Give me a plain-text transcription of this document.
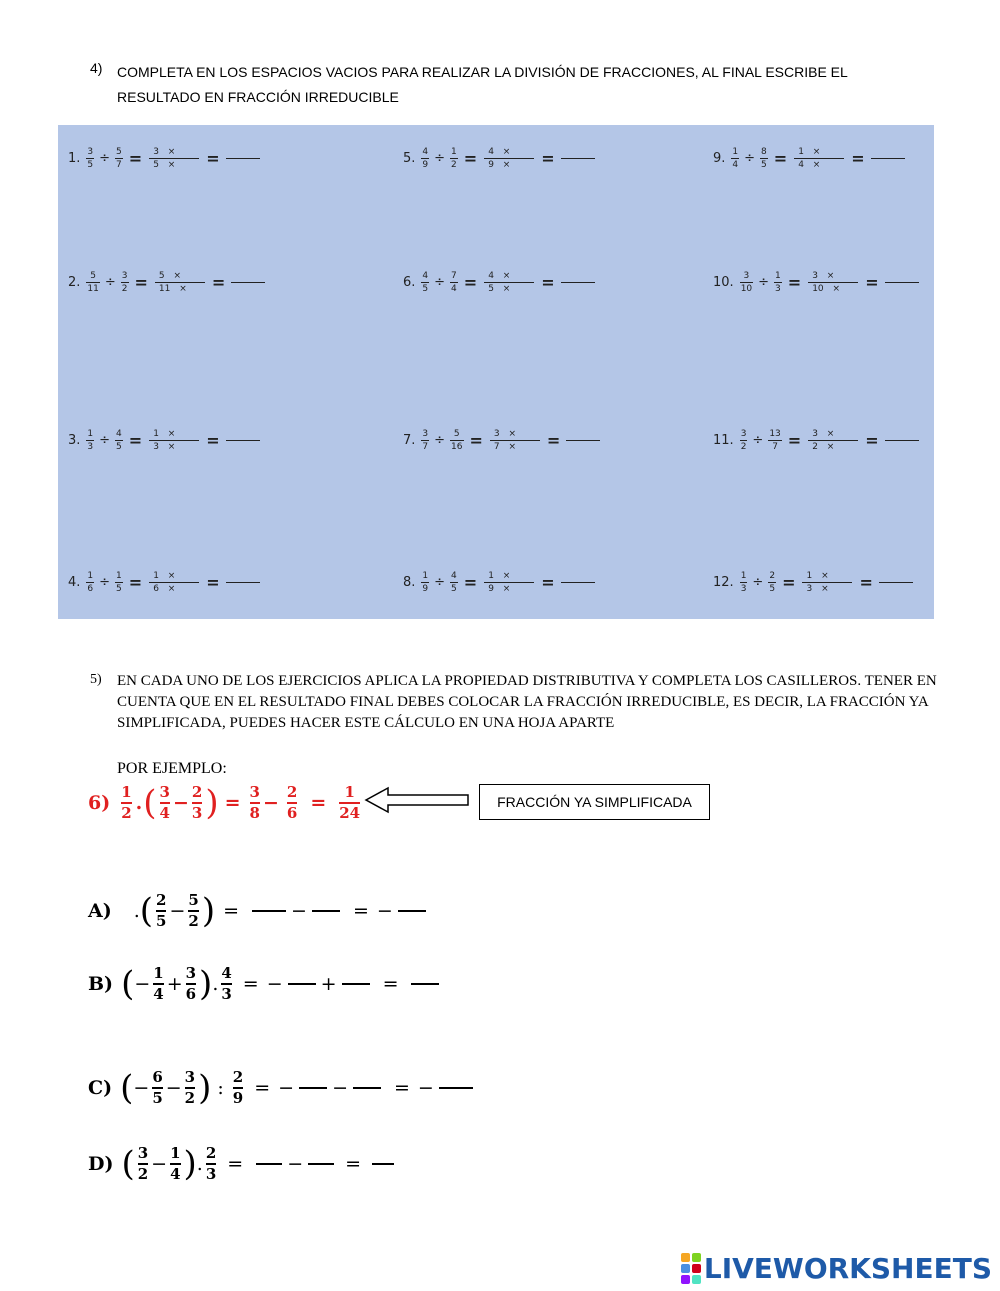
4) COMPLETA EN LOS ESPACIOS VACIOS PARA REALIZAR LA DIVISIÓN DE FRACCIONES, AL FINAL ESCRIBE EL RESULTADO EN FRACCIÓN IRREDUCIBLE
1. $\frac{3}{5} \div \frac{5}{7}$ =	3 ×
5 ×	=
2. $\frac{5}{11} \div \frac{3}{2}$ =	5 ×
11 ×	=
3. $\frac{1}{3} \div \frac{4}{5}$ =	1 ×
3 ×	=
4. $\frac{1}{6} \div \frac{1}{5}$ =	1 ×
6 ×	=
5. $\frac{4}{9} \div \frac{1}{2}$ =	4 ×
9 ×	=
6. $\frac{4}{5} \div \frac{7}{4}$ =	4 ×
5 ×	=
7. $\frac{3}{7} \div \frac{5}{16}$ =	3 ×
7 ×	=
8. $\frac{1}{9} \div \frac{4}{5}$ =	1 ×
9 ×	=
9. $\frac{1}{4} \div \frac{8}{5}$ =	1 ×
4 ×	=
10. $\frac{3}{10} \div \frac{1}{3}$ =	3 ×
10 ×	=
11. $\frac{3}{2} \div \frac{13}{7}$ =	3 ×
2 ×	=
12. $\frac{1}{3} \div \frac{2}{5}$ =	1 ×
3 ×	=
5) EN CADA UNO DE LOS EJERCICIOS APLICA LA PROPIEDAD DISTRIBUTIVA Y COMPLETA LOS CASILLEROS. TENER EN CUENTA QUE EN EL RESULTADO FINAL DEBES COLOCAR LA FRACCIÓN IRREDUCIBLE, ES DECIR, LA FRACCIÓN YA SIMPLIFICADA, PUEDES HACER ESTE CÁLCULO EN UNA HOJA APARTE
POR EJEMPLO:
6) 1
2 . ( 3
4 − 2
3 ) = 3
8 − 2
6 = 1
24
FRACCIÓN YA SIMPLIFICADA
A) . ( 2
5 − 5
2 ) =	− = −
B) ( − 1
4 + 3
6 ) . 4
3 = − + =
C) ( − 6
5 − 3
2 ) : 2
9 = − − = −
D) ( 3
2 − 1
4 ) . 2
3 = − =
LIVEWORKSHEETS
